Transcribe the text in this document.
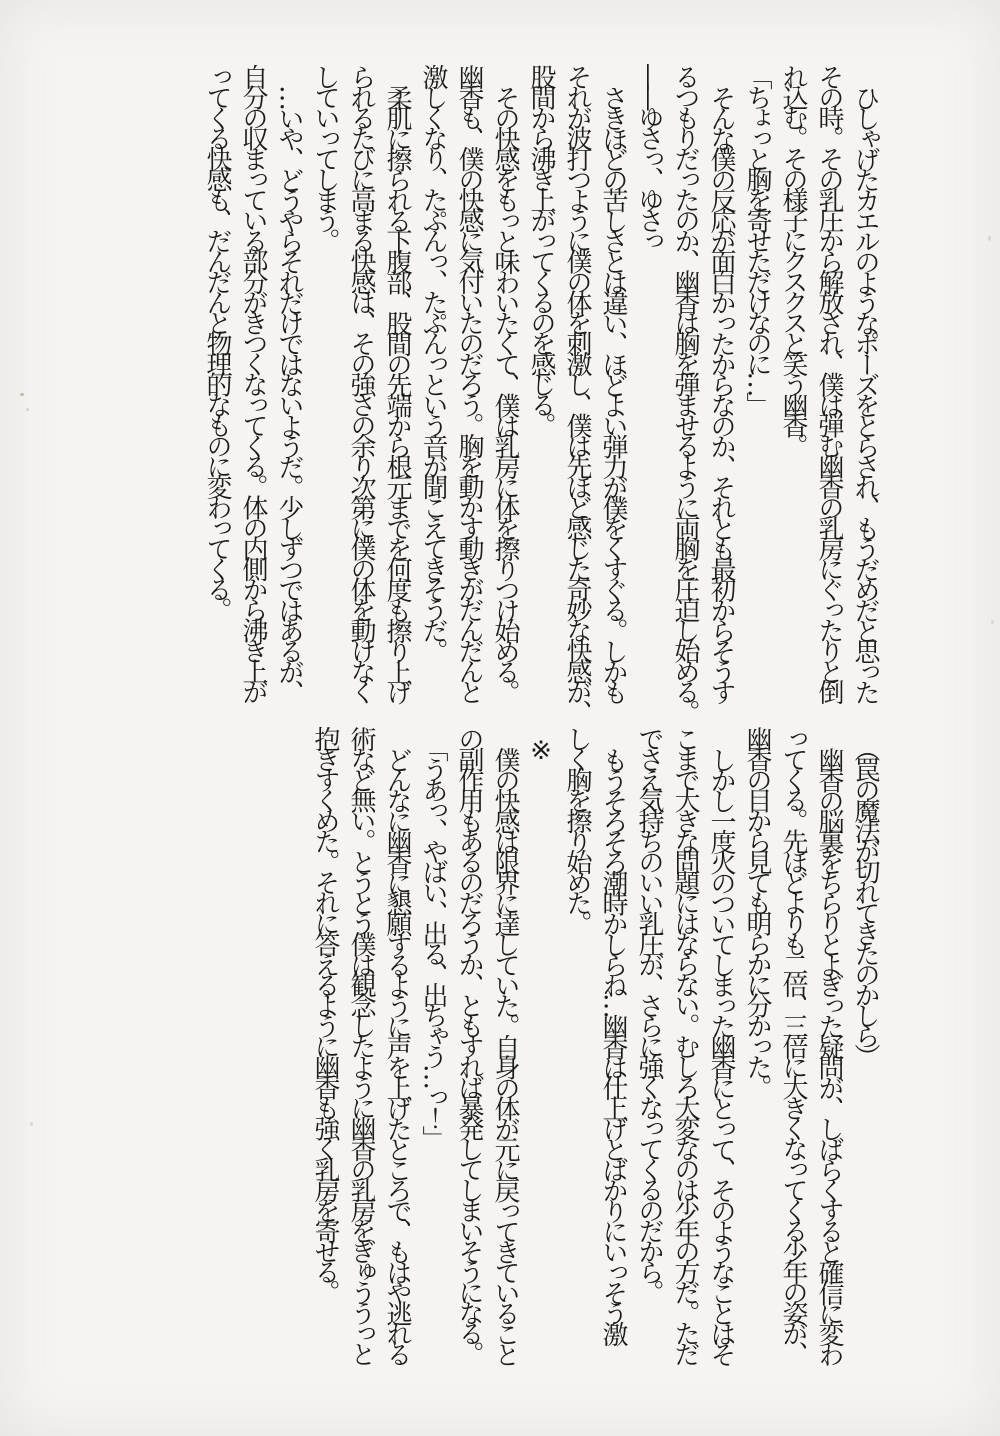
ひしゃげたカエルのようなポーズをとらされ、もうだめだと思った

その時。その乳圧から解放され、僕は弾む幽香の乳房にぐったりと倒

れ込む。その様子にクスクスと笑う幽香。

「ちょっと胸を寄せただけなのに…」

そんな僕の反応が面白かったからなのか、それとも最初からそうす

るつもりだったのか、幽香は胸を弾ませるように両胸を圧迫し始める。

――ゆさっ、ゆさっ

さきほどの苦しさとは違い、ほどよい弾力が僕をくすぐる。しかも

それが波打つように僕の体を刺激し、僕は先ほど感じた奇妙な快感が、

股間から沸き上がってくるのを感じる。

その快感をもっと味わいたくて、僕は乳房に体を擦りつけ始める。

幽香も、僕の快感に気付いたのだろう。胸を動かす動きがだんだんと

激しくなり、たぷんっ、たぷんっという音が聞こえてきそうだ。

柔肌に擦られる下腹部、股間の先端から根元までを何度も擦り上げ

られるたびに高まる快感は、その強さの余り次第に僕の体を動けなく

していってしまう。

…いや、どうやらそれだけではないようだ。少しずつではあるが、

自分の収まっている部分がきつくなってくる。体の内側から沸き上が

ってくる快感も、だんだんと物理的なものに変わってくる。

（罠の魔法が切れてきたのかしら）

幽香の脳裏をちらりとよぎった疑問が、しばらくすると確信に変わ

ってくる。先ほどよりも二倍、三倍に大きくなってくる少年の姿が、

幽香の目から見ても明らかに分かった。

しかし一度火のついてしまった幽香にとって、そのようなことはそ

こまで大きな問題にはならない。むしろ大変なのは少年の方だ。ただ

でさえ気持ちのいい乳圧が、さらに強くなってくるのだから。

もうそろそろ潮時かしらね…幽香は仕上げとばかりにいっそう激

しく胸を擦り始めた。

※

僕の快感は限界に達していた。自身の体が元に戻ってきていること

の副作用もあるのだろうか、ともすれば暴発してしまいそうになる。

「うあっ、やばい、出る、出ちゃう…っ！」

どんなに幽香に懇願するように声を上げたところで、もはや逃れる

術など無い。とうとう僕は観念したように幽香の乳房をぎゅううっと

抱きすくめた。それに答えるように幽香も強く乳房を寄せる。
